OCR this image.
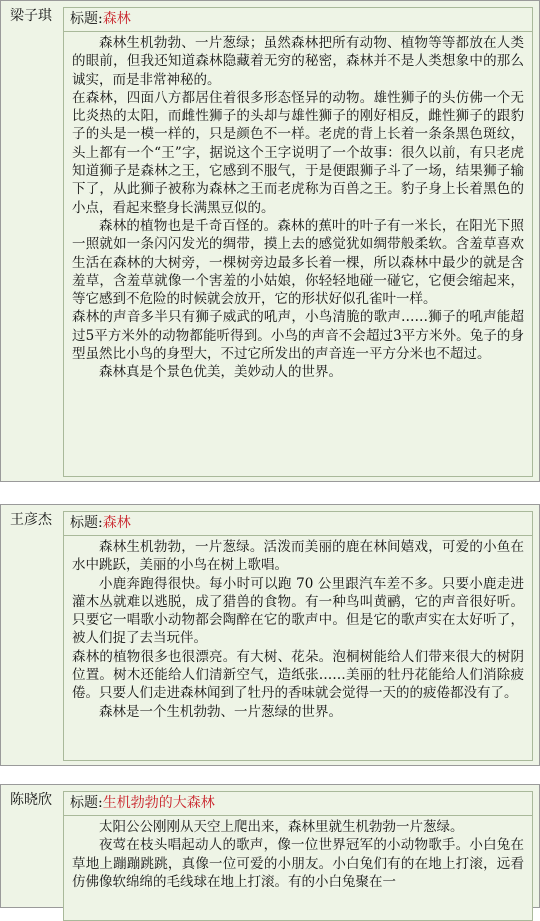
梁子琪	标题:森林

森林生机勃勃、一片葱绿；虽然森林把所有动物、植物等等都放在人类的眼前，但我还知道森林隐藏着无穷的秘密，森林并不是人类想象中的那么诚实，而是非常神秘的。

在森林，四面八方都居住着很多形态怪异的动物。雄性狮子的头仿佛一个无比炎热的太阳，而雌性狮子的头却与雄性狮子的刚好相反，雌性狮子的跟豹子的头是一模一样的，只是颜色不一样。老虎的背上长着一条条黑色斑纹，头上都有一个“王”字，据说这个王字说明了一个故事：很久以前，有只老虎知道狮子是森林之王，它感到不服气，于是便跟狮子斗了一场，结果狮子输下了，从此狮子被称为森林之王而老虎称为百兽之王。豹子身上长着黑色的小点，看起来整身长满黑豆似的。

森林的植物也是千奇百怪的。森林的蕉叶的叶子有一米长，在阳光下照一照就如一条闪闪发光的绸带，摸上去的感觉犹如绸带般柔软。含羞草喜欢生活在森林的大树旁，一棵树旁边最多长着一棵，所以森林中最少的就是含羞草，含羞草就像一个害羞的小姑娘，你轻轻地碰一碰它，它便会缩起来，等它感到不危险的时候就会放开，它的形状好似孔雀叶一样。

森林的声音多半只有狮子威武的吼声，小鸟清脆的歌声……狮子的吼声能超过5平方米外的动物都能听得到。小鸟的声音不会超过3平方米外。兔子的身型虽然比小鸟的身型大，不过它所发出的声音连一平方分米也不超过。

森林真是个景色优美，美妙动人的世界。

王彦杰	标题:森林

森林生机勃勃，一片葱绿。活泼而美丽的鹿在林间嬉戏，可爱的小鱼在水中跳跃，美丽的小鸟在树上歌唱。

小鹿奔跑得很快。每小时可以跑 70 公里跟汽车差不多。只要小鹿走进灌木丛就难以逃脱，成了猎兽的食物。有一种鸟叫黄鹂，它的声音很好听。只要它一唱歌小动物都会陶醉在它的歌声中。但是它的歌声实在太好听了，被人们捉了去当玩伴。

森林的植物很多也很漂亮。有大树、花朵。泡桐树能给人们带来很大的树阴位置。树木还能给人们清新空气，造纸张……美丽的牡丹花能给人们消除疲倦。只要人们走进森林闻到了牡丹的香味就会觉得一天的的疲倦都没有了。

森林是一个生机勃勃、一片葱绿的世界。

陈晓欣	标题:生机勃勃的大森林

太阳公公刚刚从天空上爬出来，森林里就生机勃勃一片葱绿。

夜莺在枝头唱起动人的歌声，像一位世界冠军的小动物歌手。小白兔在草地上蹦蹦跳跳，真像一位可爱的小朋友。小白兔们有的在地上打滚，远看仿佛像软绵绵的毛线球在地上打滚。有的小白兔聚在一
